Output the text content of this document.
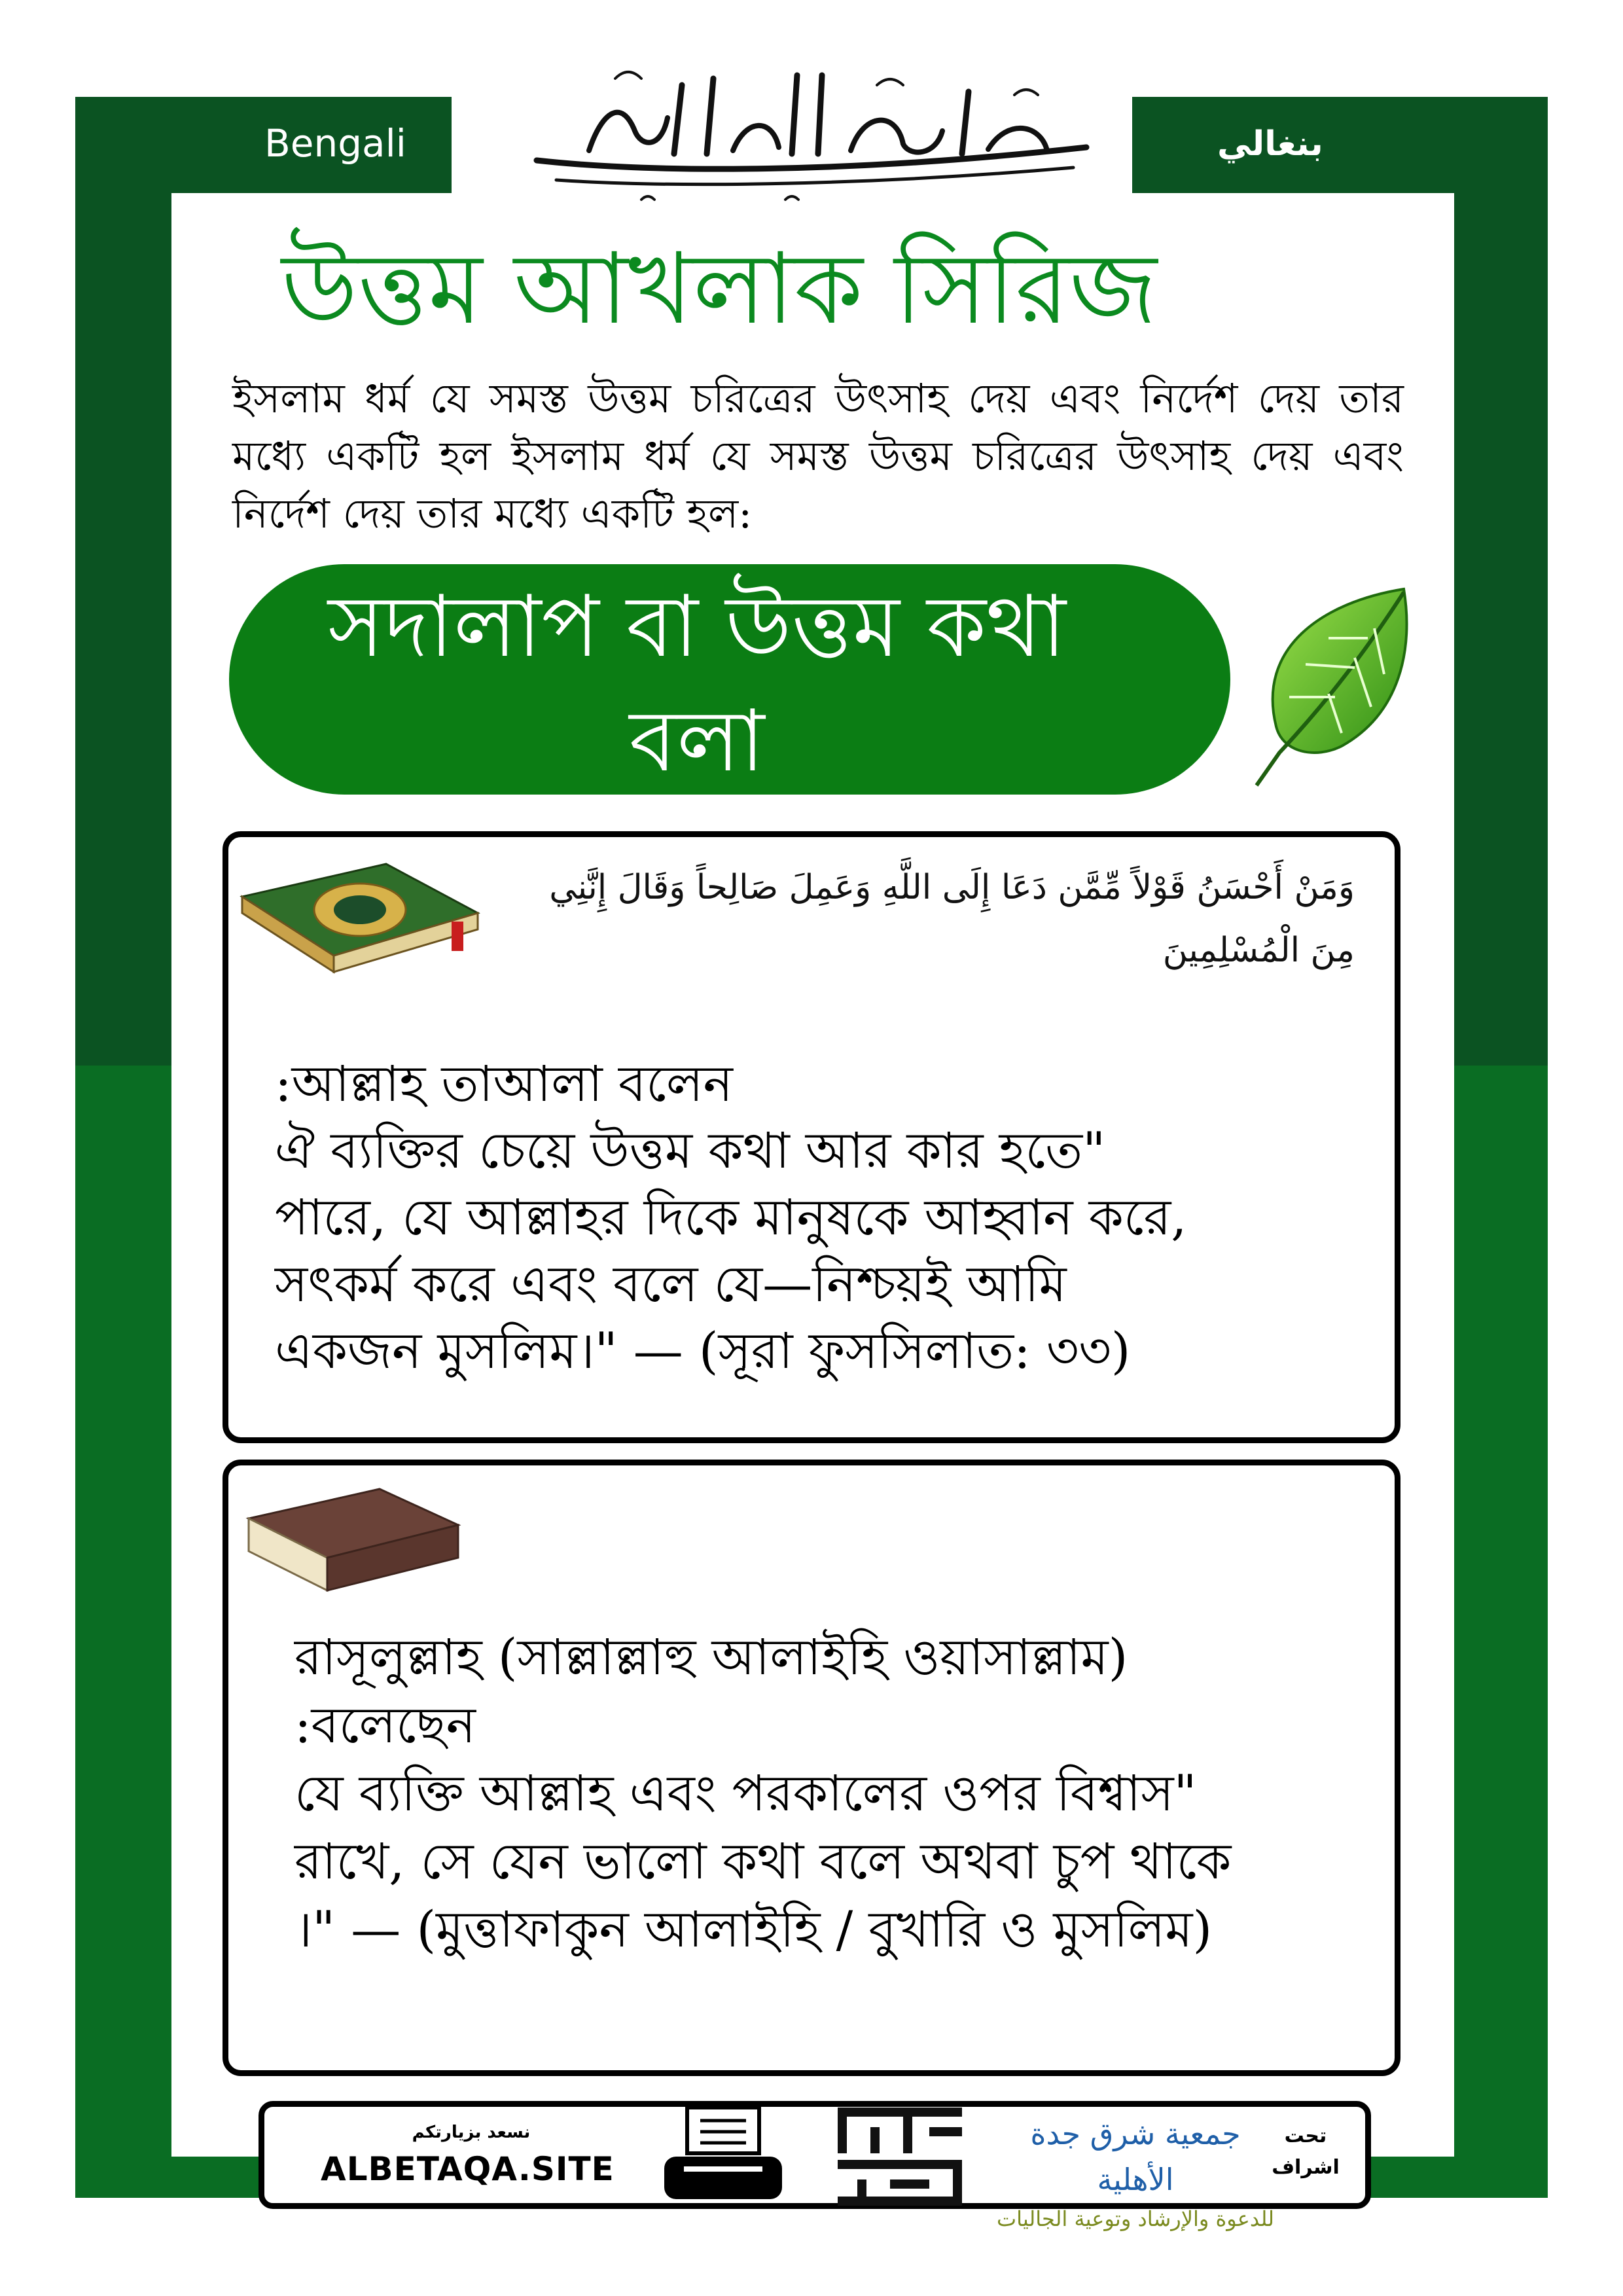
Bengali	بنغالي
উত্তম আখলাক সিরিজ
ইসলাম ধর্ম যে সমস্ত উত্তম চরিত্রের উৎসাহ দেয় এবং নির্দেশ দেয় তার মধ্যে একটি হল ইসলাম ধর্ম যে সমস্ত উত্তম চরিত্রের উৎসাহ দেয় এবং নির্দেশ দেয় তার মধ্যে একটি হল:
সদালাপ বা উত্তম কথা
বলা
وَمَنْ أَحْسَنُ قَوْلاً مِّمَّن دَعَا إِلَى اللَّهِ وَعَمِلَ صَالِحاً وَقَالَ إِنَّنِي
مِنَ الْمُسْلِمِينَ
:আল্লাহ তাআলা বলেন
ঐ ব্যক্তির চেয়ে উত্তম কথা আর কার হতে"
পারে, যে আল্লাহর দিকে মানুষকে আহ্বান করে,
সৎকর্ম করে এবং বলে যে—নিশ্চয়ই আমি
একজন মুসলিম।" — (সূরা ফুসসিলাত: ৩৩)
রাসূলুল্লাহ (সাল্লাল্লাহু আলাইহি ওয়াসাল্লাম)
:বলেছেন
যে ব্যক্তি আল্লাহ এবং পরকালের ওপর বিশ্বাস"
রাখে, সে যেন ভালো কথা বলে অথবা চুপ থাকে
।" — (মুত্তাফাকুন আলাইহি / বুখারি ও মুসলিম)
نسعد بزيارتكم
ALBETAQA.SITE
جمعية شرق جدة الأهلية
للدعوة والإرشاد وتوعية الجاليات
تحت
اشراف
